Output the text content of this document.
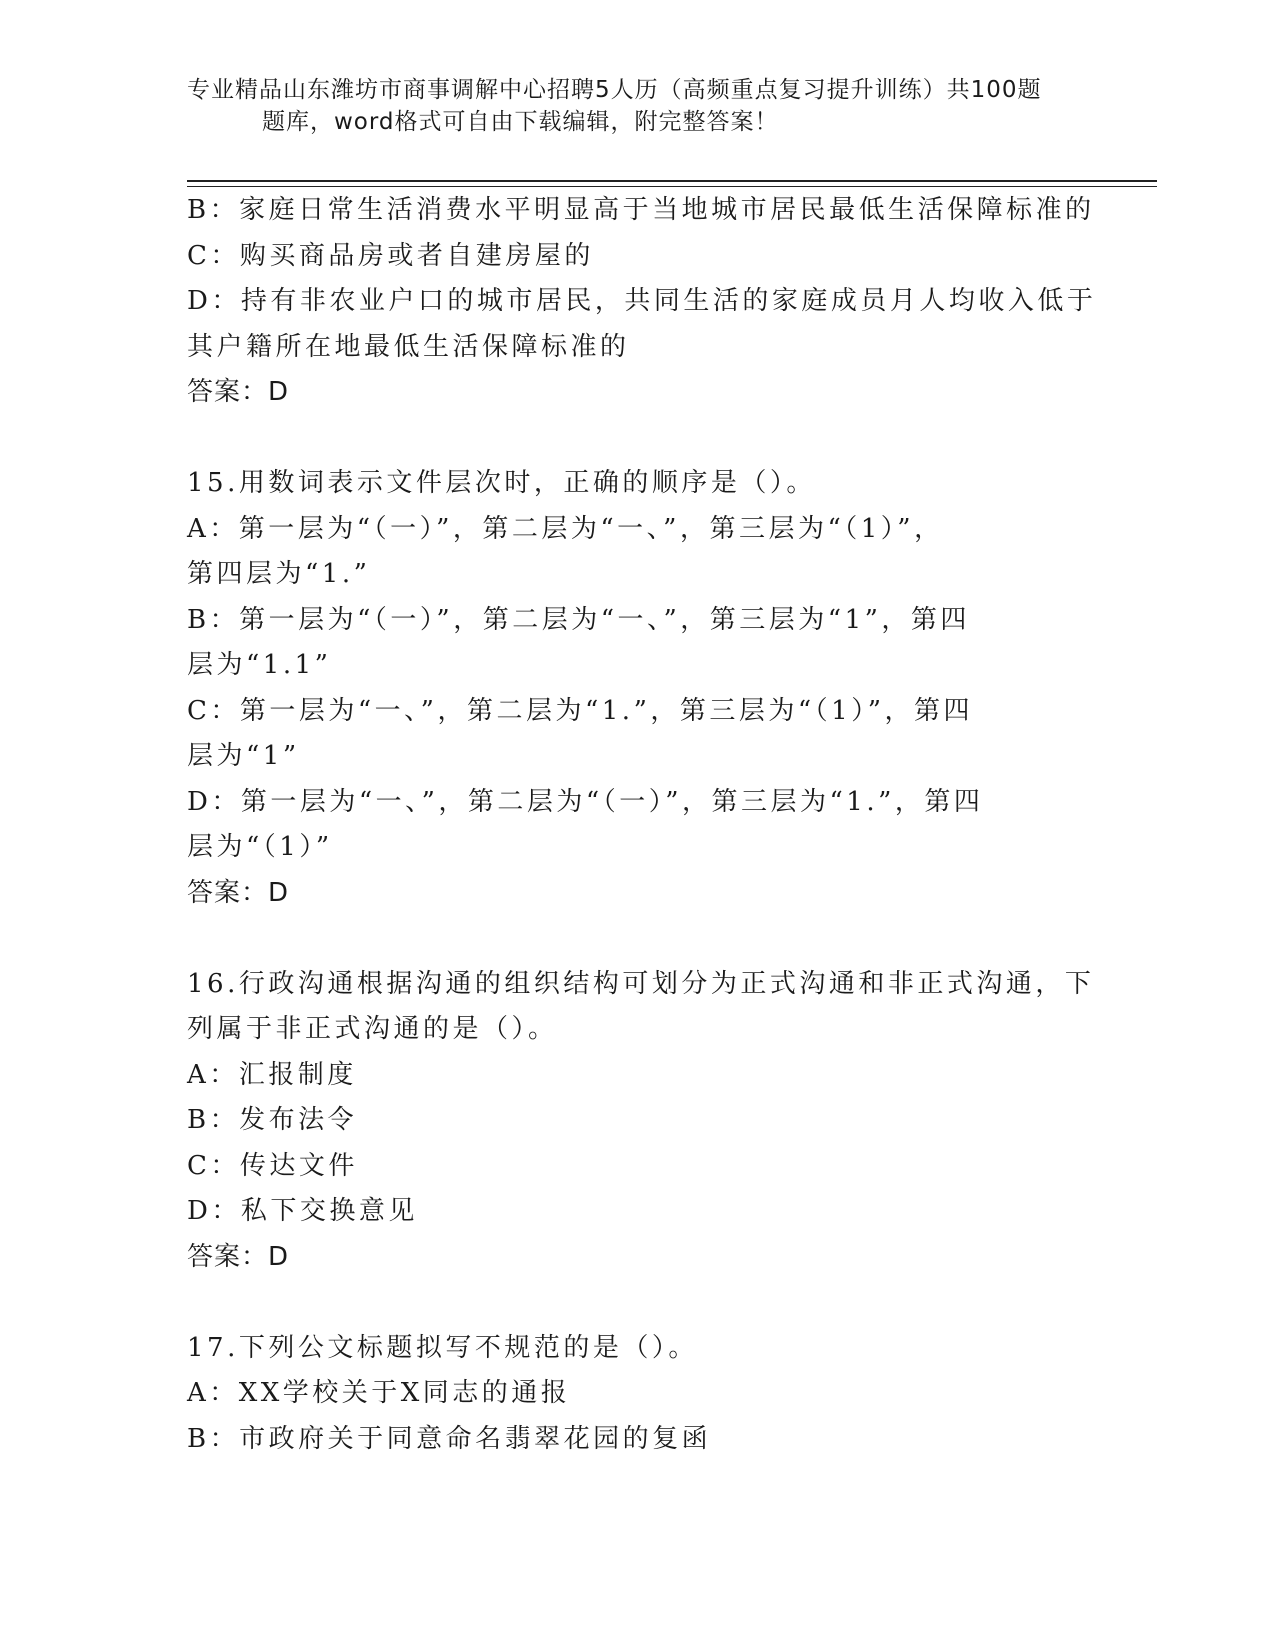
专业精品山东潍坊市商事调解中心招聘5人历（高频重点复习提升训练）共100题
题库，word格式可自由下载编辑，附完整答案！
B：家庭日常生活消费水平明显高于当地城市居民最低生活保障标准的
C：购买商品房或者自建房屋的
D：持有非农业户口的城市居民，共同生活的家庭成员月人均收入低于
其户籍所在地最低生活保障标准的
答案：D
15.用数词表示文件层次时，正确的顺序是（）。
A：第一层为“（一）”，第二层为“一、”，第三层为“（1）”，
第四层为“1.”
B：第一层为“（一）”，第二层为“一、”，第三层为“1”，第四
层为“1.1”
C：第一层为“一、”，第二层为“1.”，第三层为“（1）”，第四
层为“1”
D：第一层为“一、”，第二层为“（一）”，第三层为“1.”，第四
层为“（1）”
答案：D
16.行政沟通根据沟通的组织结构可划分为正式沟通和非正式沟通，下
列属于非正式沟通的是（）。
A：汇报制度
B：发布法令
C：传达文件
D：私下交换意见
答案：D
17.下列公文标题拟写不规范的是（）。
A：XX学校关于X同志的通报
B：市政府关于同意命名翡翠花园的复函
